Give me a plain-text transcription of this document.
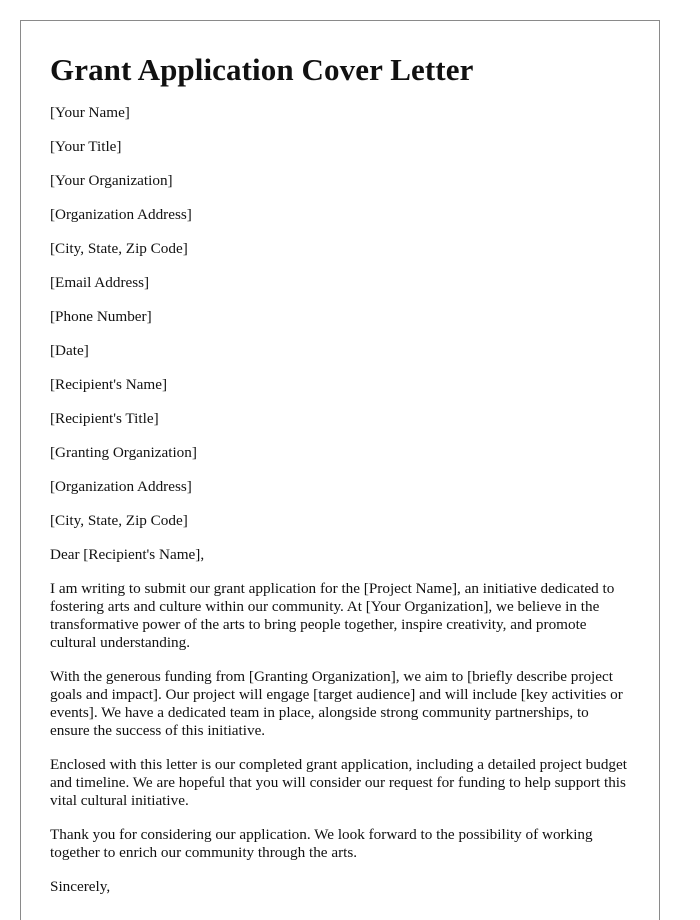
Grant Application Cover Letter

[Your Name]

[Your Title]

[Your Organization]

[Organization Address]

[City, State, Zip Code]

[Email Address]

[Phone Number]

[Date]

[Recipient's Name]

[Recipient's Title]

[Granting Organization]

[Organization Address]

[City, State, Zip Code]

Dear [Recipient's Name],

I am writing to submit our grant application for the [Project Name], an initiative dedicated to fostering arts and culture within our community. At [Your Organization], we believe in the transformative power of the arts to bring people together, inspire creativity, and promote cultural understanding.

With the generous funding from [Granting Organization], we aim to [briefly describe project goals and impact]. Our project will engage [target audience] and will include [key activities or events]. We have a dedicated team in place, alongside strong community partnerships, to ensure the success of this initiative.

Enclosed with this letter is our completed grant application, including a detailed project budget and timeline. We are hopeful that you will consider our request for funding to help support this vital cultural initiative.

Thank you for considering our application. We look forward to the possibility of working together to enrich our community through the arts.

Sincerely,
